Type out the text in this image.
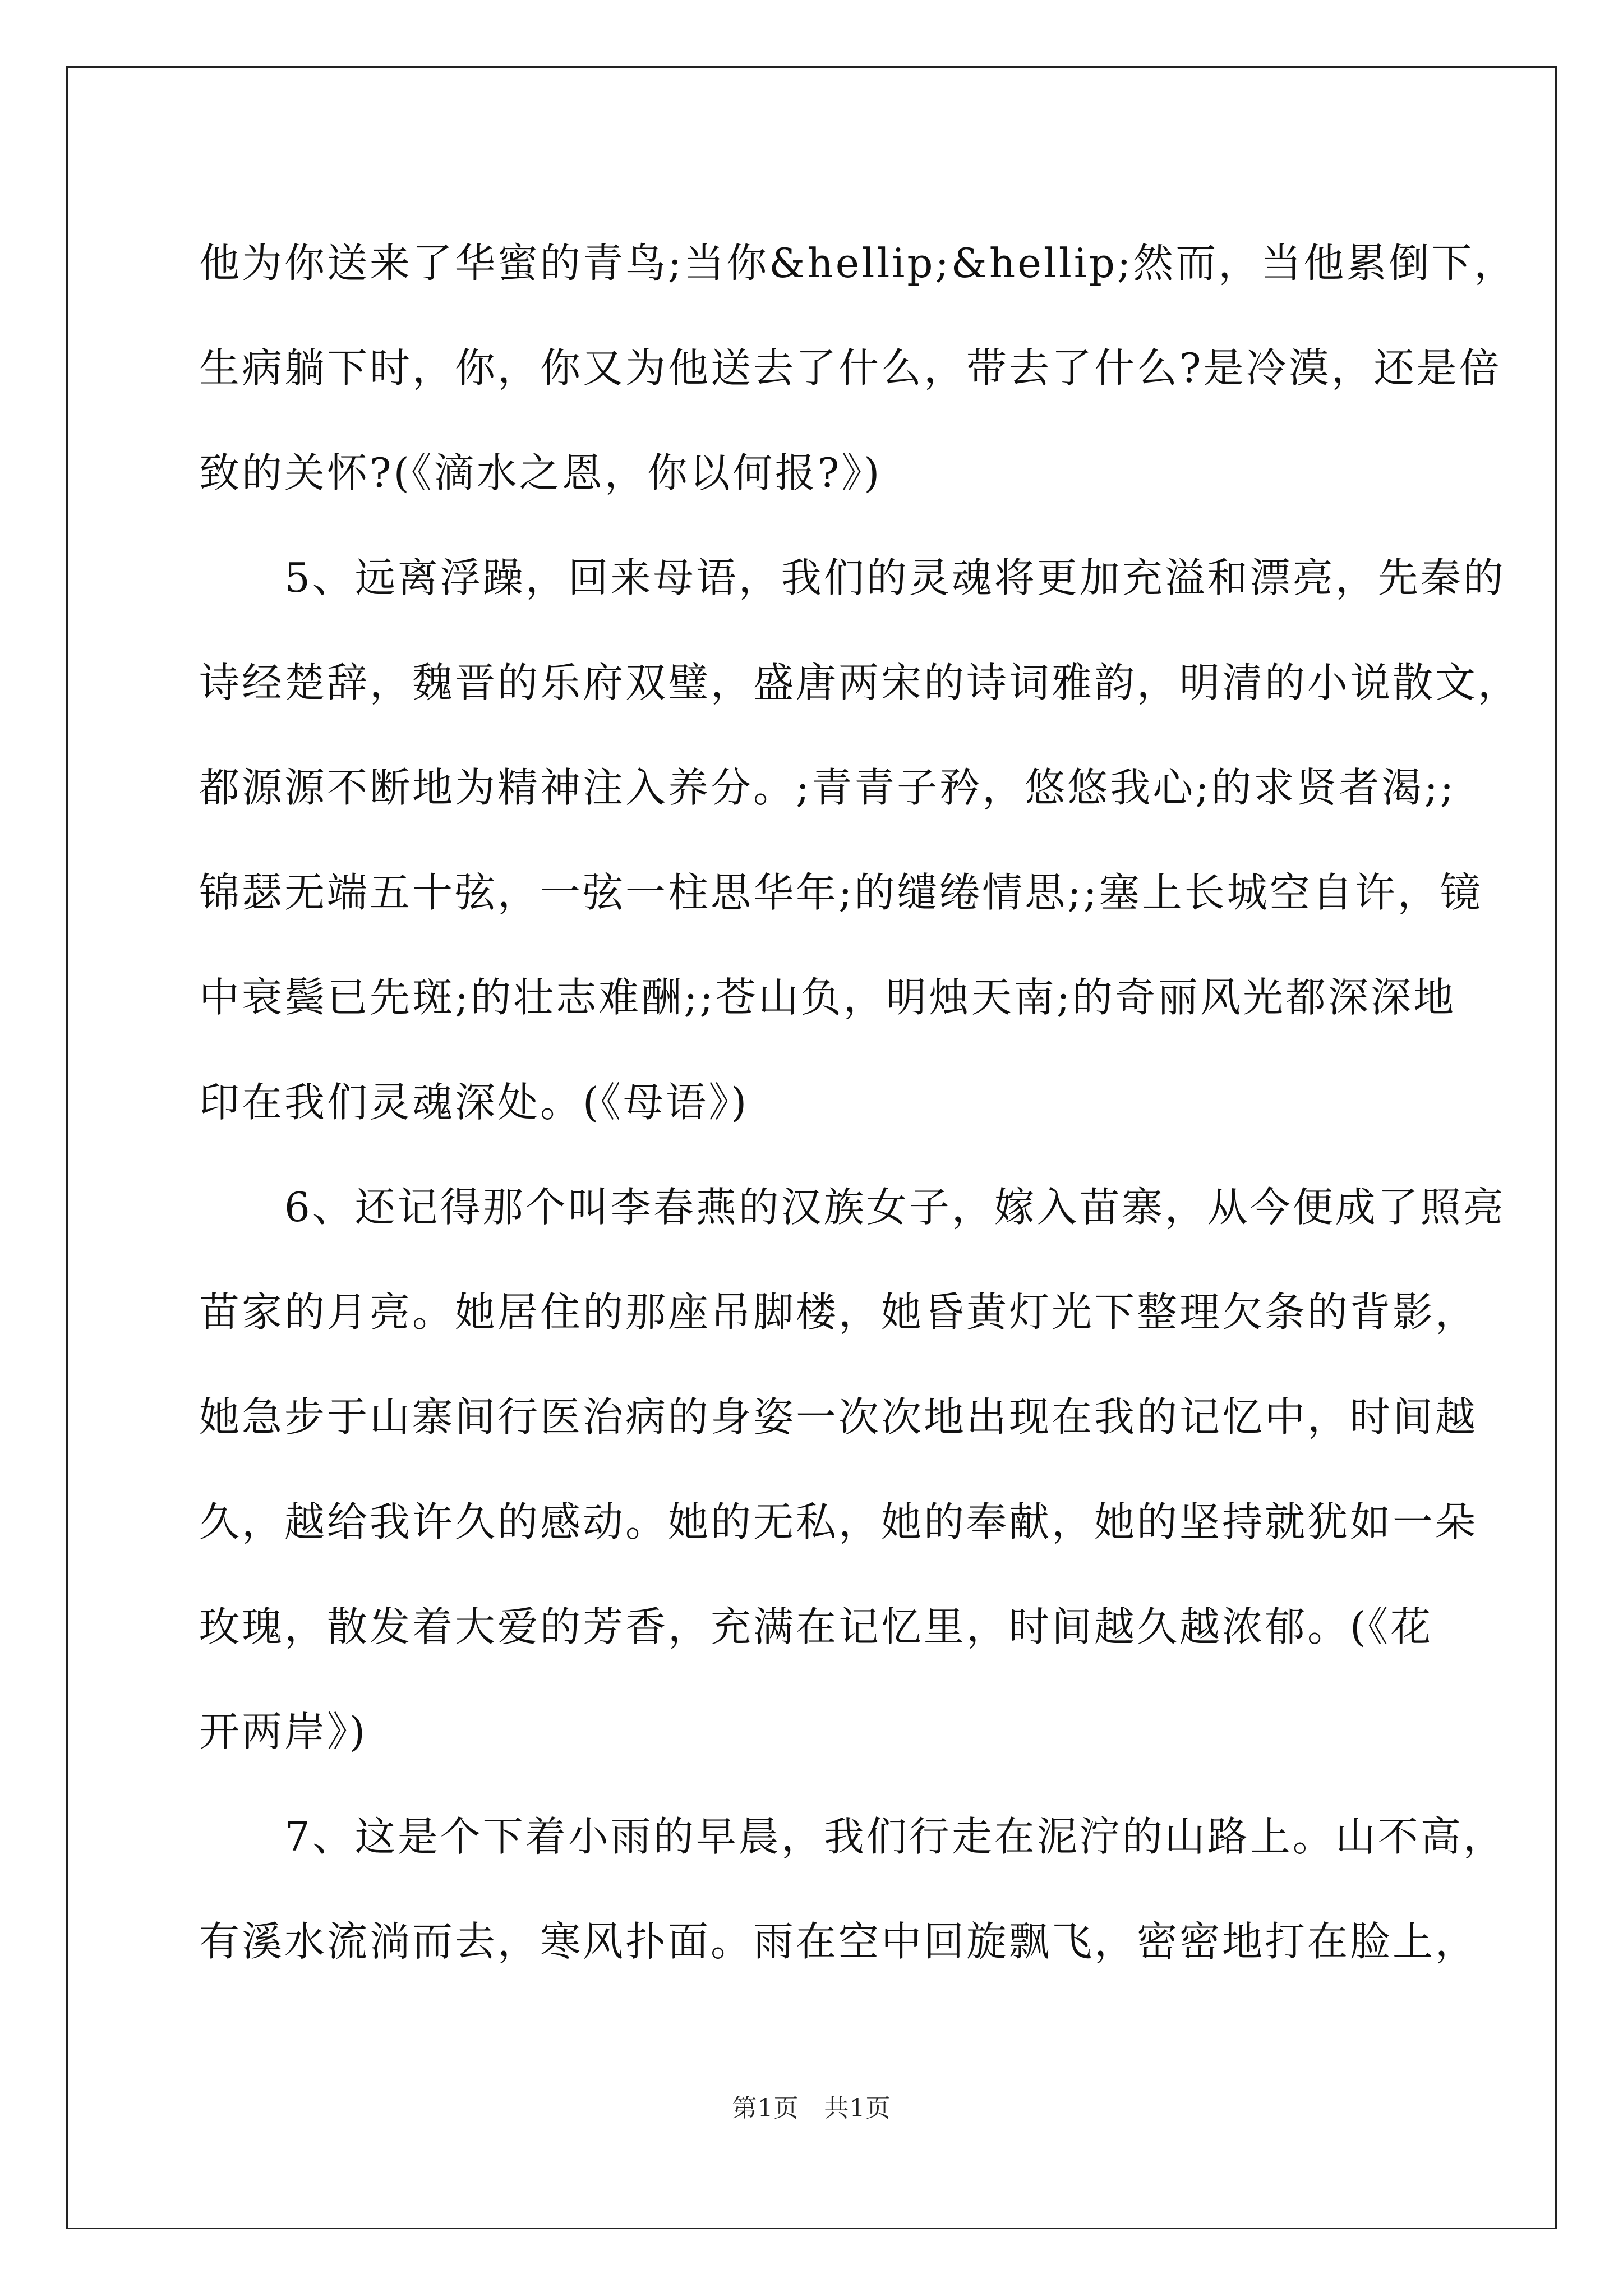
他为你送来了华蜜的青鸟;当你&hellip;&hellip;然而，当他累倒下，
生病躺下时，你，你又为他送去了什么，带去了什么?是冷漠，还是倍
致的关怀?(《滴水之恩，你以何报?》)
　　5、远离浮躁，回来母语，我们的灵魂将更加充溢和漂亮，先秦的
诗经楚辞，魏晋的乐府双璧，盛唐两宋的诗词雅韵，明清的小说散文，
都源源不断地为精神注入养分。;青青子矜，悠悠我心;的求贤者渴;;
锦瑟无端五十弦，一弦一柱思华年;的缱绻情思;;塞上长城空自许，镜
中衰鬓已先斑;的壮志难酬;;苍山负，明烛天南;的奇丽风光都深深地
印在我们灵魂深处。(《母语》)
　　6、还记得那个叫李春燕的汉族女子，嫁入苗寨，从今便成了照亮
苗家的月亮。她居住的那座吊脚楼，她昏黄灯光下整理欠条的背影，
她急步于山寨间行医治病的身姿一次次地出现在我的记忆中，时间越
久，越给我许久的感动。她的无私，她的奉献，她的坚持就犹如一朵
玫瑰，散发着大爱的芳香，充满在记忆里，时间越久越浓郁。(《花
开两岸》)
　　7、这是个下着小雨的早晨，我们行走在泥泞的山路上。山不高，
有溪水流淌而去，寒风扑面。雨在空中回旋飘飞，密密地打在脸上，
第1页　共1页
